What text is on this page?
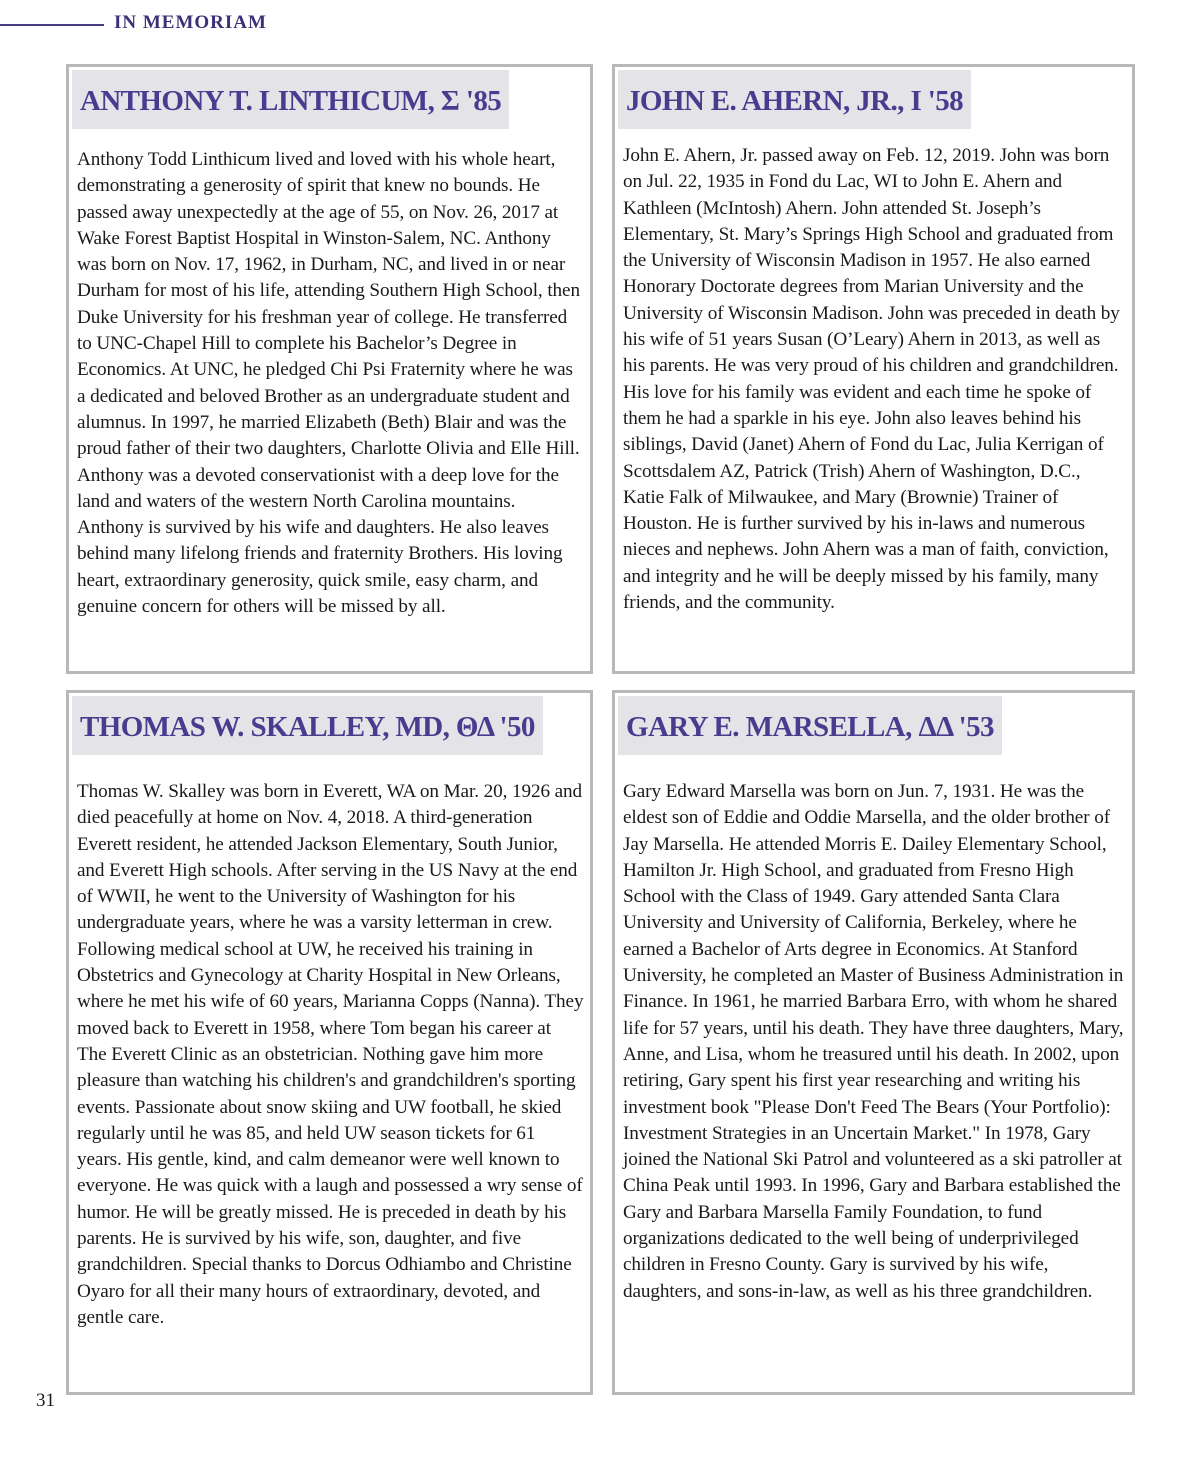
IN MEMORIAM
ANTHONY T. LINTHICUM, Σ '85

Anthony Todd Linthicum lived and loved with his whole heart, demonstrating a generosity of spirit that knew no bounds. He passed away unexpectedly at the age of 55, on Nov. 26, 2017 at Wake Forest Baptist Hospital in Winston-Salem, NC. Anthony was born on Nov. 17, 1962, in Durham, NC, and lived in or near Durham for most of his life, attending Southern High School, then Duke University for his freshman year of college. He transferred to UNC-Chapel Hill to complete his Bachelor’s Degree in Economics. At UNC, he pledged Chi Psi Fraternity where he was a dedicated and beloved Brother as an undergraduate student and alumnus. In 1997, he married Elizabeth (Beth) Blair and was the proud father of their two daughters, Charlotte Olivia and Elle Hill. Anthony was a devoted conservationist with a deep love for the land and waters of the western North Carolina mountains. Anthony is survived by his wife and daughters. He also leaves behind many lifelong friends and fraternity Brothers. His loving heart, extraordinary generosity, quick smile, easy charm, and genuine concern for others will be missed by all.

JOHN E. AHERN, JR., I '58

John E. Ahern, Jr. passed away on Feb. 12, 2019. John was born on Jul. 22, 1935 in Fond du Lac, WI to John E. Ahern and Kathleen (McIntosh) Ahern. John attended St. Joseph’s Elementary, St. Mary’s Springs High School and graduated from the University of Wisconsin Madison in 1957. He also earned Honorary Doctorate degrees from Marian University and the University of Wisconsin Madison. John was preceded in death by his wife of 51 years Susan (O’Leary) Ahern in 2013, as well as his parents. He was very proud of his children and grandchildren. His love for his family was evident and each time he spoke of them he had a sparkle in his eye. John also leaves behind his siblings, David (Janet) Ahern of Fond du Lac, Julia Kerrigan of Scottsdalem AZ, Patrick (Trish) Ahern of Washington, D.C., Katie Falk of Milwaukee, and Mary (Brownie) Trainer of Houston. He is further survived by his in-laws and numerous nieces and nephews. John Ahern was a man of faith, conviction, and integrity and he will be deeply missed by his family, many friends, and the community.

THOMAS W. SKALLEY, MD, ΘΔ '50

Thomas W. Skalley was born in Everett, WA on Mar. 20, 1926 and died peacefully at home on Nov. 4, 2018. A third-generation Everett resident, he attended Jackson Elementary, South Junior, and Everett High schools. After serving in the US Navy at the end of WWII, he went to the University of Washington for his undergraduate years, where he was a varsity letterman in crew. Following medical school at UW, he received his training in Obstetrics and Gynecology at Charity Hospital in New Orleans, where he met his wife of 60 years, Marianna Copps (Nanna). They moved back to Everett in 1958, where Tom began his career at The Everett Clinic as an obstetrician. Nothing gave him more pleasure than watching his children's and grandchildren's sporting events. Passionate about snow skiing and UW football, he skied regularly until he was 85, and held UW season tickets for 61 years. His gentle, kind, and calm demeanor were well known to everyone. He was quick with a laugh and possessed a wry sense of humor. He will be greatly missed. He is preceded in death by his parents. He is survived by his wife, son, daughter, and five grandchildren. Special thanks to Dorcus Odhiambo and Christine Oyaro for all their many hours of extraordinary, devoted, and gentle care.

GARY E. MARSELLA, ΔΔ '53

Gary Edward Marsella was born on Jun. 7, 1931. He was the eldest son of Eddie and Oddie Marsella, and the older brother of Jay Marsella. He attended Morris E. Dailey Elementary School, Hamilton Jr. High School, and graduated from Fresno High School with the Class of 1949. Gary attended Santa Clara University and University of California, Berkeley, where he earned a Bachelor of Arts degree in Economics. At Stanford University, he completed an Master of Business Administration in Finance. In 1961, he married Barbara Erro, with whom he shared life for 57 years, until his death. They have three daughters, Mary, Anne, and Lisa, whom he treasured until his death. In 2002, upon retiring, Gary spent his first year researching and writing his investment book "Please Don't Feed The Bears (Your Portfolio): Investment Strategies in an Uncertain Market." In 1978, Gary joined the National Ski Patrol and volunteered as a ski patroller at China Peak until 1993. In 1996, Gary and Barbara established the Gary and Barbara Marsella Family Foundation, to fund organizations dedicated to the well being of underprivileged children in Fresno County. Gary is survived by his wife, daughters, and sons-in-law, as well as his three grandchildren.

31
